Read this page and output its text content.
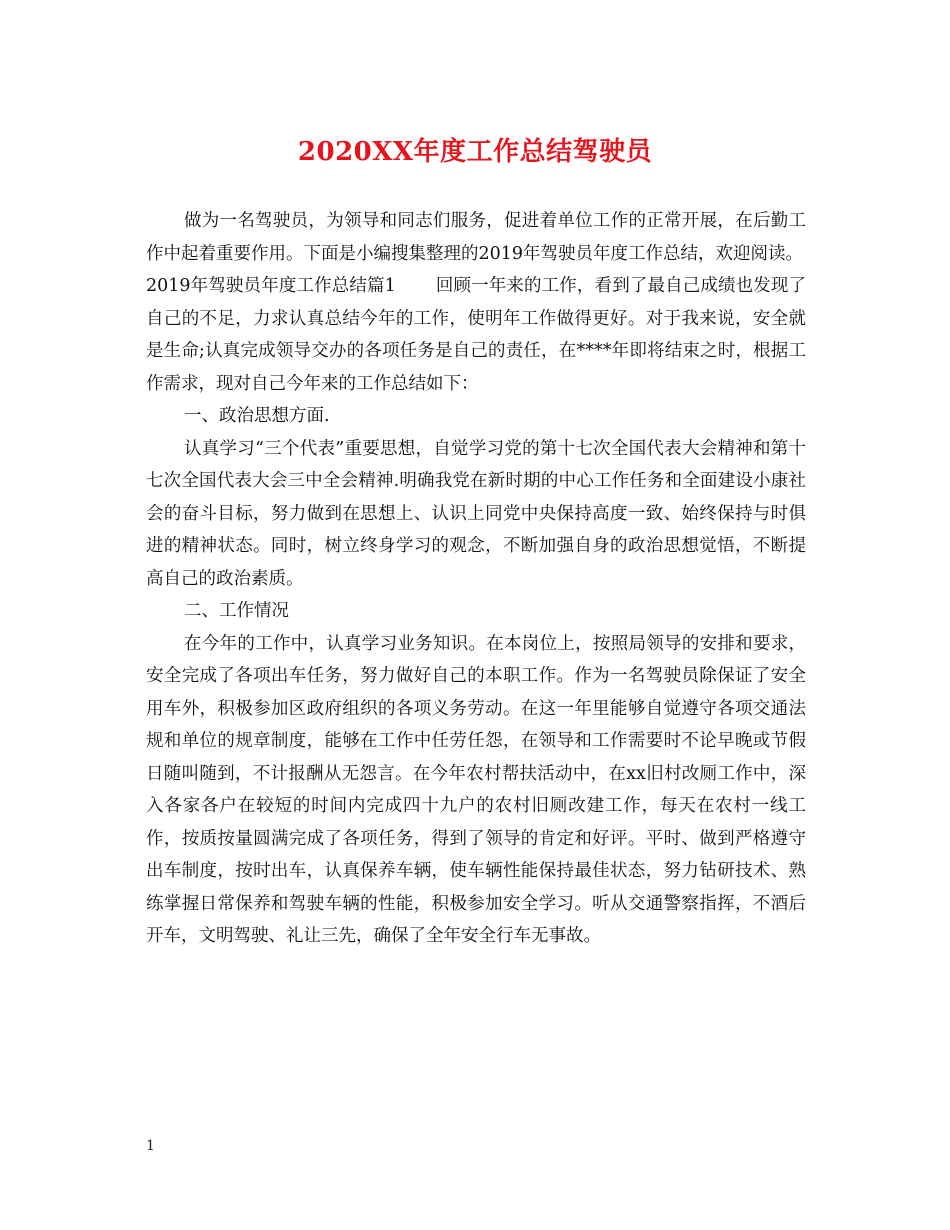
2020XX年度工作总结驾驶员

做为一名驾驶员，为领导和同志们服务，促进着单位工作的正常开展，在后勤工作中起着重要作用。下面是小编搜集整理的2019年驾驶员年度工作总结，欢迎阅读。

2019年驾驶员年度工作总结篇1 回顾一年来的工作，看到了最自己成绩也发现了自己的不足，力求认真总结今年的工作，使明年工作做得更好。对于我来说，安全就是生命;认真完成领导交办的各项任务是自己的责任，在****年即将结束之时，根据工作需求，现对自己今年来的工作总结如下：

一、政治思想方面.

认真学习“三个代表”重要思想，自觉学习党的第十七次全国代表大会精神和第十七次全国代表大会三中全会精神.明确我党在新时期的中心工作任务和全面建设小康社会的奋斗目标，努力做到在思想上、认识上同党中央保持高度一致、始终保持与时俱进的精神状态。同时，树立终身学习的观念，不断加强自身的政治思想觉悟，不断提高自己的政治素质。

二、工作情况

在今年的工作中，认真学习业务知识。在本岗位上，按照局领导的安排和要求，安全完成了各项出车任务，努力做好自己的本职工作。作为一名驾驶员除保证了安全用车外，积极参加区政府组织的各项义务劳动。在这一年里能够自觉遵守各项交通法规和单位的规章制度，能够在工作中任劳任怨，在领导和工作需要时不论早晚或节假日随叫随到，不计报酬从无怨言。在今年农村帮扶活动中，在xx旧村改厕工作中，深入各家各户在较短的时间内完成四十九户的农村旧厕改建工作，每天在农村一线工作，按质按量圆满完成了各项任务，得到了领导的肯定和好评。平时、做到严格遵守出车制度，按时出车，认真保养车辆，使车辆性能保持最佳状态，努力钻研技术、熟练掌握日常保养和驾驶车辆的性能，积极参加安全学习。听从交通警察指挥，不酒后开车，文明驾驶、礼让三先，确保了全年安全行车无事故。

1
